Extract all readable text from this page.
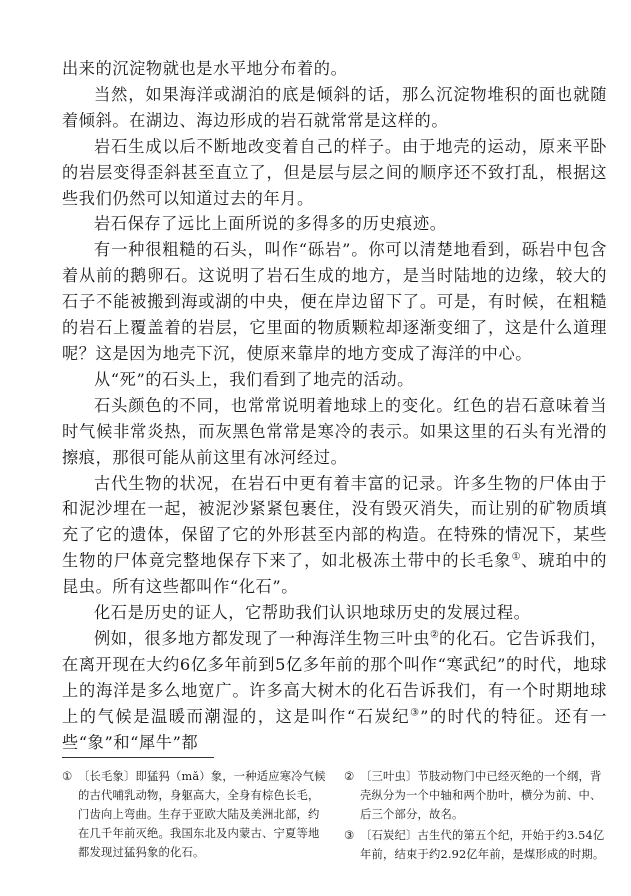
出来的沉淀物就也是水平地分布着的。

当然，如果海洋或湖泊的底是倾斜的话，那么沉淀物堆积的面也就随着倾斜。在湖边、海边形成的岩石就常常是这样的。

岩石生成以后不断地改变着自己的样子。由于地壳的运动，原来平卧的岩层变得歪斜甚至直立了，但是层与层之间的顺序还不致打乱，根据这些我们仍然可以知道过去的年月。

岩石保存了远比上面所说的多得多的历史痕迹。

有一种很粗糙的石头，叫作“砾岩”。你可以清楚地看到，砾岩中包含着从前的鹅卵石。这说明了岩石生成的地方，是当时陆地的边缘，较大的石子不能被搬到海或湖的中央，便在岸边留下了。可是，有时候，在粗糙的岩石上覆盖着的岩层，它里面的物质颗粒却逐渐变细了，这是什么道理呢？这是因为地壳下沉，使原来靠岸的地方变成了海洋的中心。

从“死”的石头上，我们看到了地壳的活动。

石头颜色的不同，也常常说明着地球上的变化。红色的岩石意味着当时气候非常炎热，而灰黑色常常是寒冷的表示。如果这里的石头有光滑的擦痕，那很可能从前这里有冰河经过。

古代生物的状况，在岩石中更有着丰富的记录。许多生物的尸体由于和泥沙埋在一起，被泥沙紧紧包裹住，没有毁灭消失，而让别的矿物质填充了它的遗体，保留了它的外形甚至内部的构造。在特殊的情况下，某些生物的尸体竟完整地保存下来了，如北极冻土带中的长毛象①、琥珀中的昆虫。所有这些都叫作“化石”。

化石是历史的证人，它帮助我们认识地球历史的发展过程。

例如，很多地方都发现了一种海洋生物三叶虫②的化石。它告诉我们，在离开现在大约6亿多年前到5亿多年前的那个叫作“寒武纪”的时代，地球上的海洋是多么地宽广。许多高大树木的化石告诉我们，有一个时期地球上的气候是温暖而潮湿的，这是叫作“石炭纪③”的时代的特征。还有一些“象”和“犀牛”都

① 〔长毛象〕即猛犸（mǎ）象，一种适应寒冷气候的古代哺乳动物，身躯高大，全身有棕色长毛，门齿向上弯曲。生存于亚欧大陆及美洲北部，约在几千年前灭绝。我国东北及内蒙古、宁夏等地都发现过猛犸象的化石。
② 〔三叶虫〕节肢动物门中已经灭绝的一个纲，背壳纵分为一个中轴和两个肋叶，横分为前、中、后三个部分，故名。
③ 〔石炭纪〕古生代的第五个纪，开始于约3.54亿年前，结束于约2.92亿年前，是煤形成的时期。
